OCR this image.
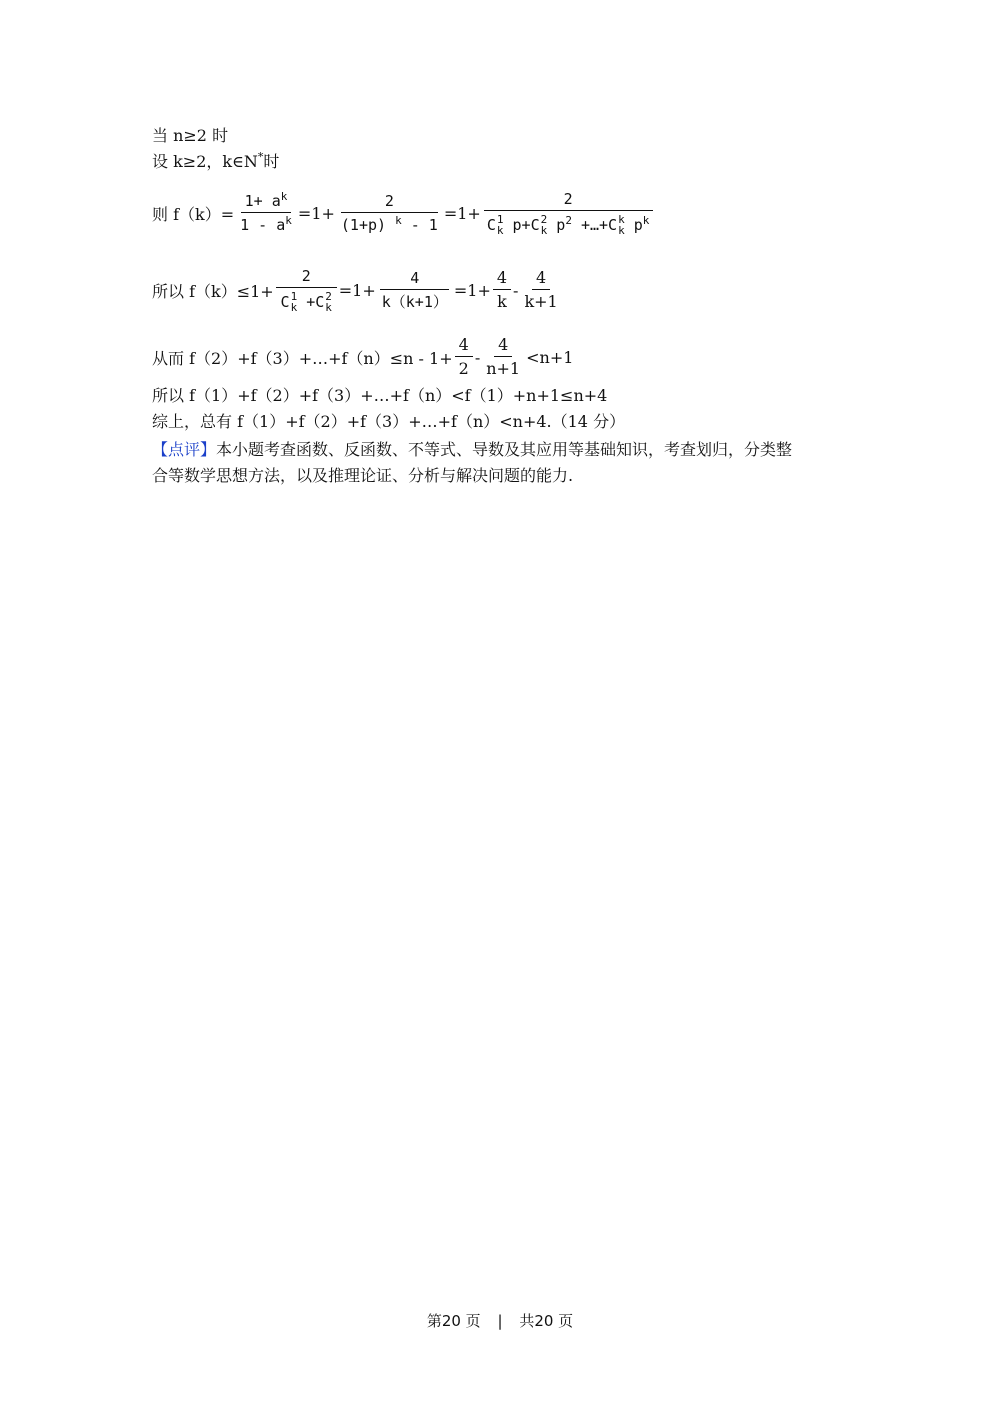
当 n≥2 时
设 k≥2，k∈N*时
则 $f(k)= \frac{1+ a^k}{1 - a^k} =1+ \frac{2}{(1+p) ^k - 1} =1+ 2$
C 1
k
p+C 2
k $p^2$ +…+C k
k $p^k$
所以 f（k）≤1+ 2
C 1
k
+C 2
$k =1+ \frac{4}{k(k+1)} =1+ \frac{4}{k} - \frac{4}{k+1}$
从而 f（2）+f（3）+…+f（n）≤n - $1+ \frac{4}{2} - \frac{4}{n+1} <n+1$
所以 f（1）+f（2）+f（3）+…+f（n）<f（1）+n+1≤n+4
综上，总有 f（1）+f（2）+f（3）+…+f（n）<n+4.（14 分）
【点评】本小题考查函数、反函数、不等式、导数及其应用等基础知识，考查划归，分类整
合等数学思想方法，以及推理论证、分析与解决问题的能力.
第20 页 | 共20 页
